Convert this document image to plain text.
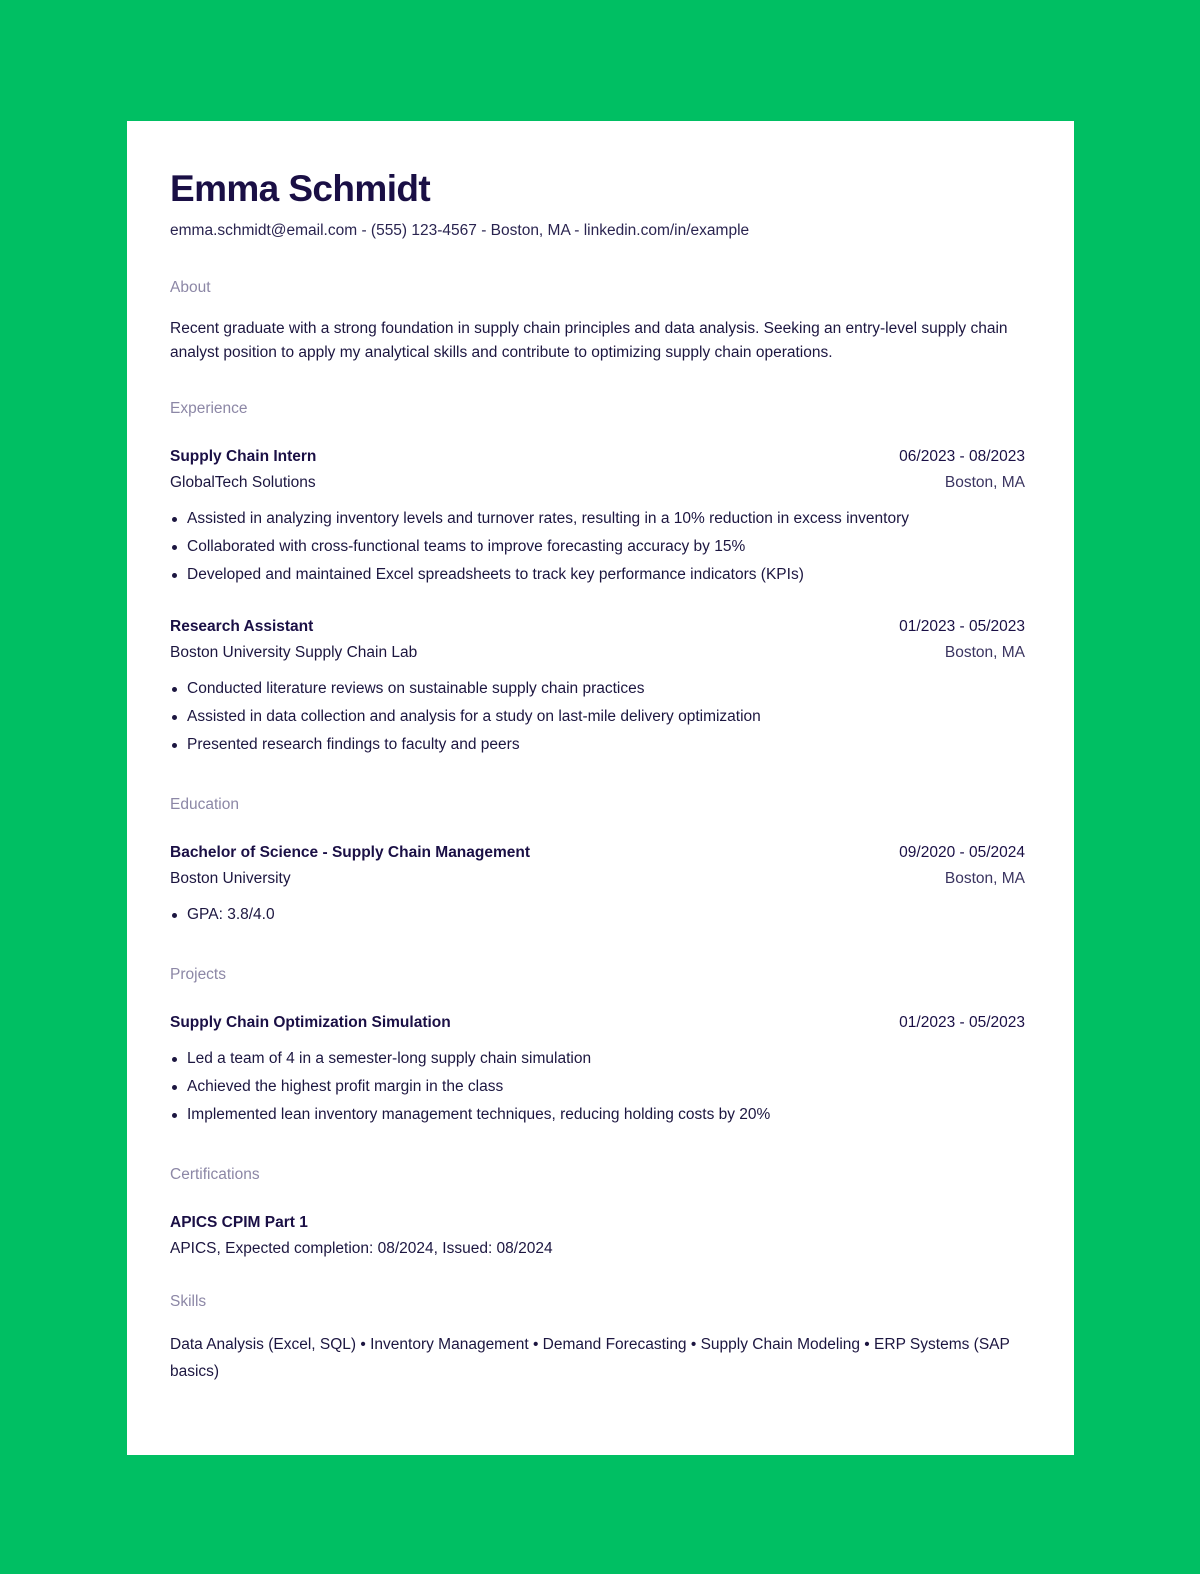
Emma Schmidt
emma.schmidt@email.com - (555) 123-4567 - Boston, MA - linkedin.com/in/example
About
Recent graduate with a strong foundation in supply chain principles and data analysis. Seeking an entry-level supply chain analyst position to apply my analytical skills and contribute to optimizing supply chain operations.
Experience
Supply Chain Intern	06/2023 - 08/2023
GlobalTech Solutions	Boston, MA
Assisted in analyzing inventory levels and turnover rates, resulting in a 10% reduction in excess inventory
Collaborated with cross-functional teams to improve forecasting accuracy by 15%
Developed and maintained Excel spreadsheets to track key performance indicators (KPIs)
Research Assistant	01/2023 - 05/2023
Boston University Supply Chain Lab	Boston, MA
Conducted literature reviews on sustainable supply chain practices
Assisted in data collection and analysis for a study on last-mile delivery optimization
Presented research findings to faculty and peers
Education
Bachelor of Science - Supply Chain Management	09/2020 - 05/2024
Boston University	Boston, MA
GPA: 3.8/4.0
Projects
Supply Chain Optimization Simulation	01/2023 - 05/2023
Led a team of 4 in a semester-long supply chain simulation
Achieved the highest profit margin in the class
Implemented lean inventory management techniques, reducing holding costs by 20%
Certifications
APICS CPIM Part 1
APICS, Expected completion: 08/2024, Issued: 08/2024
Skills
Data Analysis (Excel, SQL) • Inventory Management • Demand Forecasting • Supply Chain Modeling • ERP Systems (SAP basics)
